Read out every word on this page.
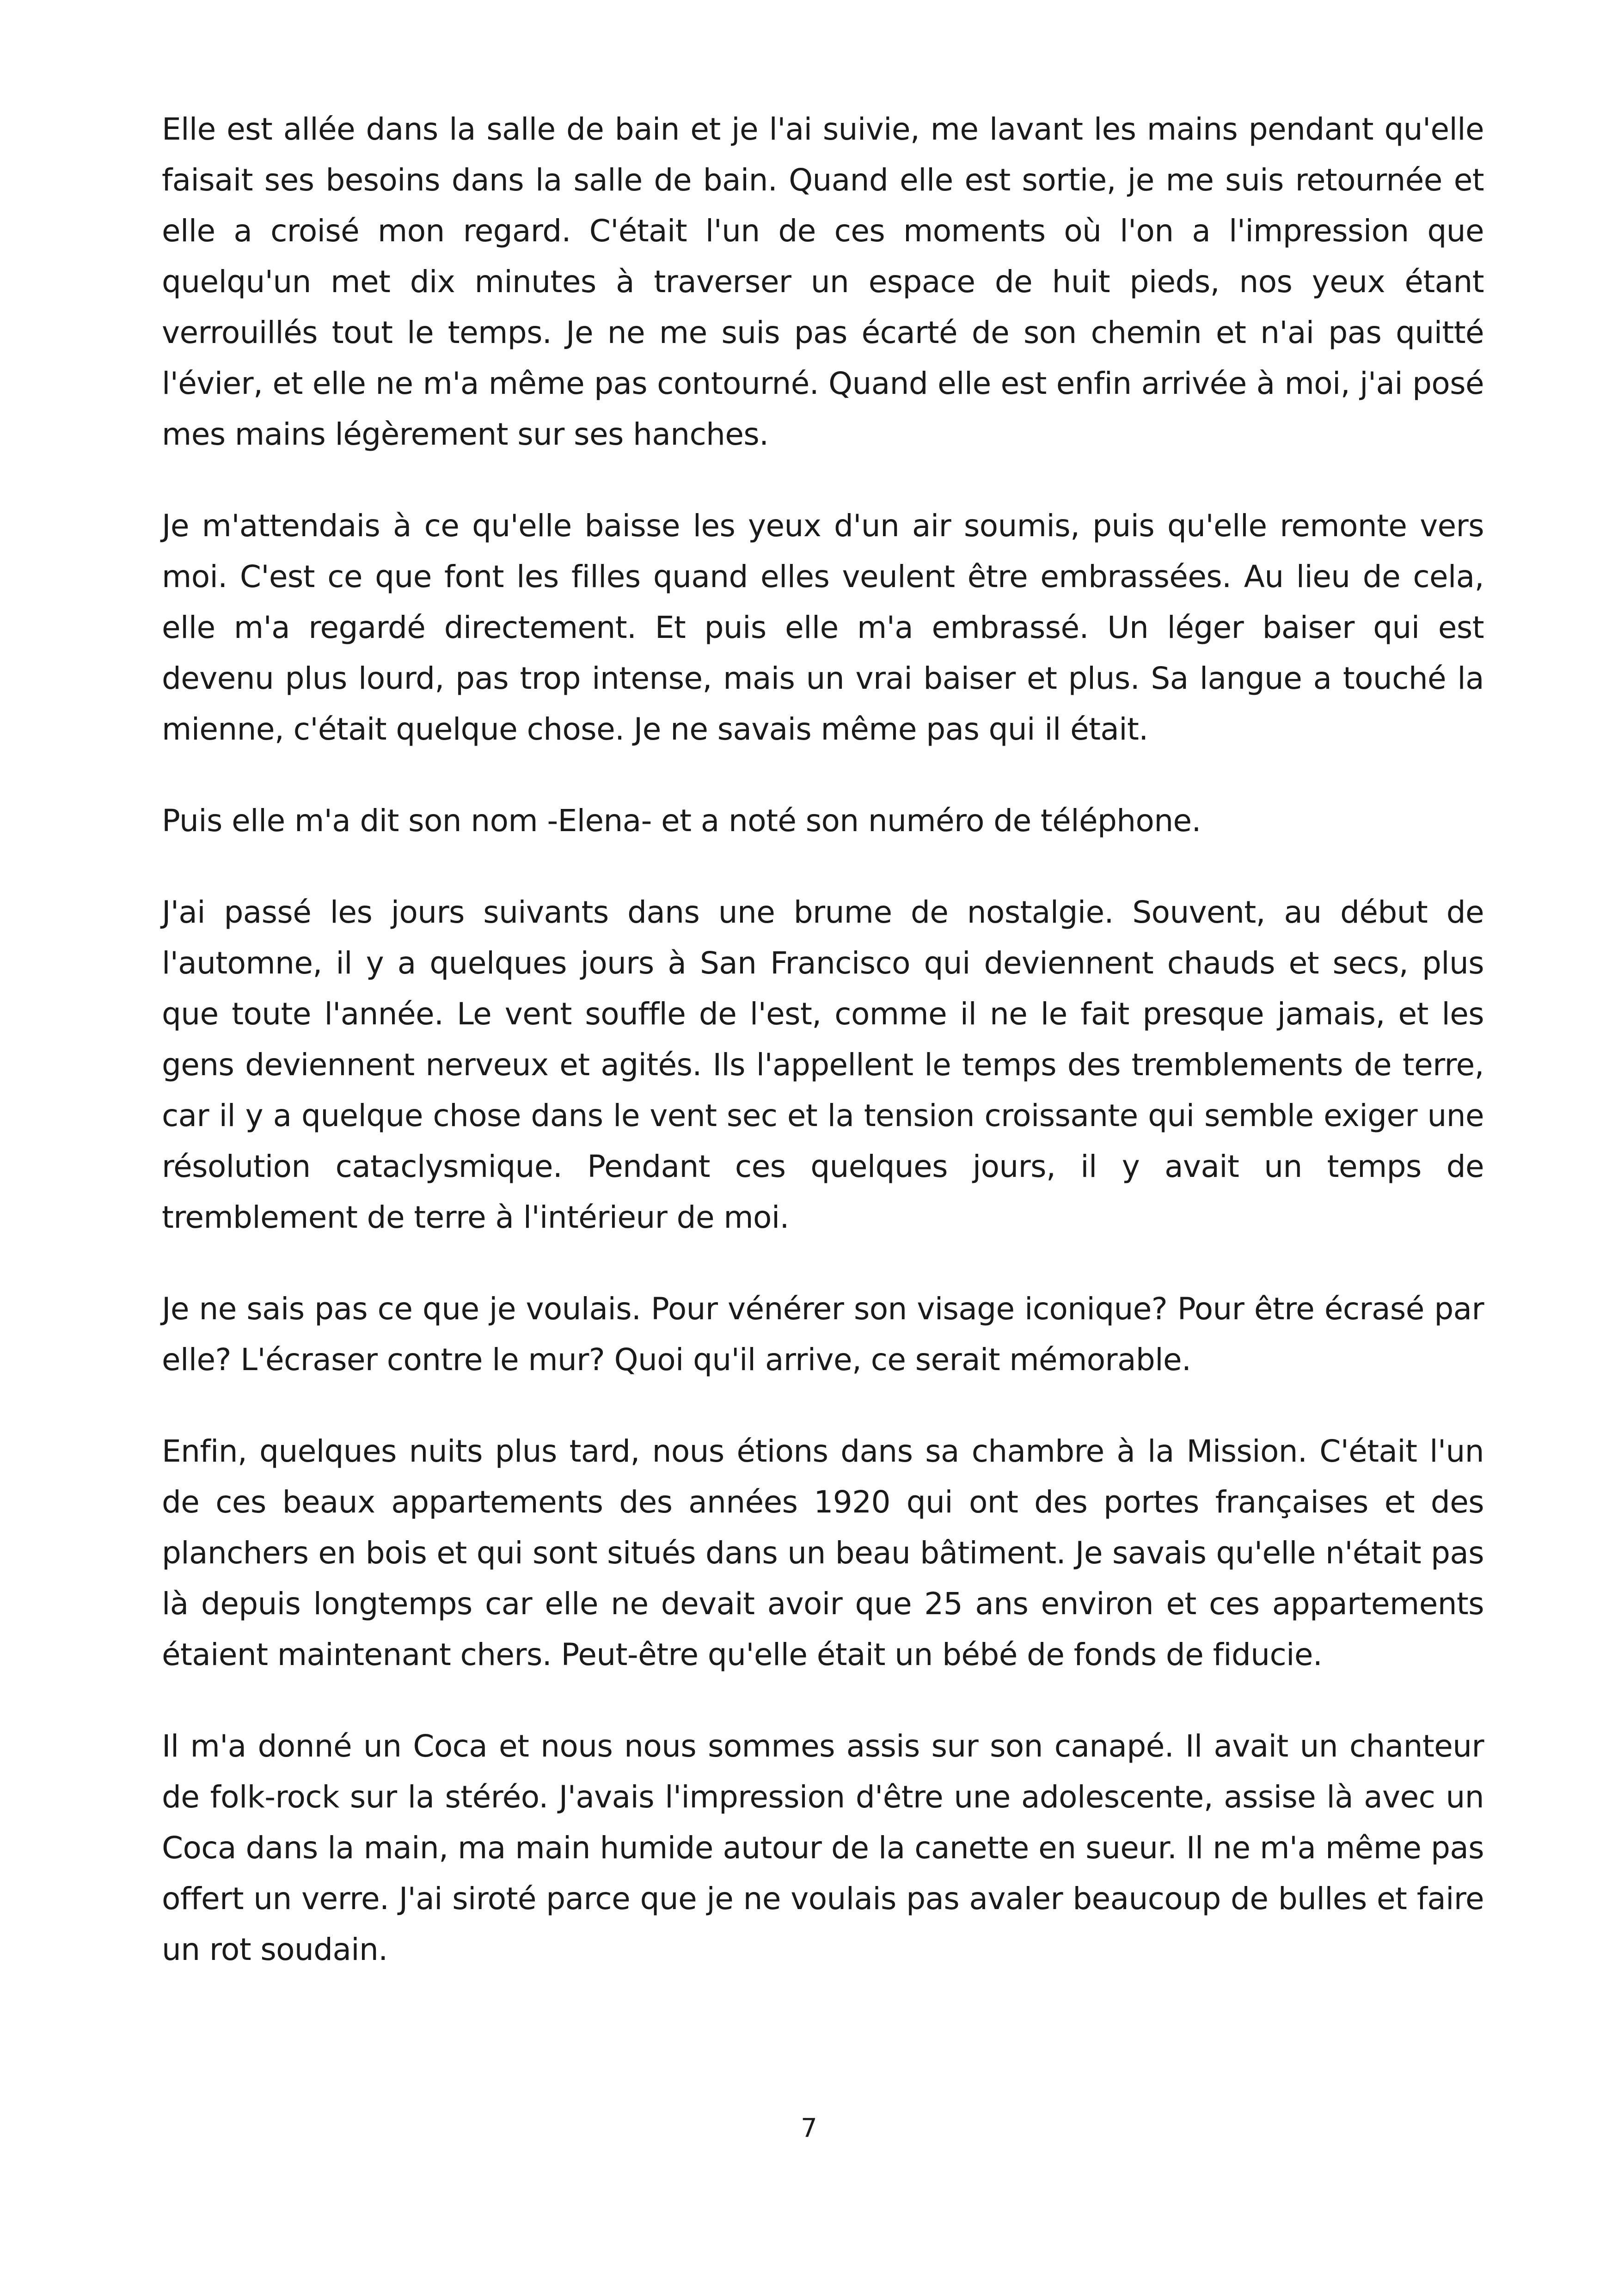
Elle est allée dans la salle de bain et je l'ai suivie, me lavant les mains pendant qu'elle faisait ses besoins dans la salle de bain. Quand elle est sortie, je me suis retournée et elle a croisé mon regard. C'était l'un de ces moments où l'on a l'impression que quelqu'un met dix minutes à traverser un espace de huit pieds, nos yeux étant verrouillés tout le temps. Je ne me suis pas écarté de son chemin et n'ai pas quitté l'évier, et elle ne m'a même pas contourné. Quand elle est enfin arrivée à moi, j'ai posé mes mains légèrement sur ses hanches.

Je m'attendais à ce qu'elle baisse les yeux d'un air soumis, puis qu'elle remonte vers moi. C'est ce que font les filles quand elles veulent être embrassées. Au lieu de cela, elle m'a regardé directement. Et puis elle m'a embrassé. Un léger baiser qui est devenu plus lourd, pas trop intense, mais un vrai baiser et plus. Sa langue a touché la mienne, c'était quelque chose. Je ne savais même pas qui il était.

Puis elle m'a dit son nom -Elena- et a noté son numéro de téléphone.

J'ai passé les jours suivants dans une brume de nostalgie. Souvent, au début de l'automne, il y a quelques jours à San Francisco qui deviennent chauds et secs, plus que toute l'année. Le vent souffle de l'est, comme il ne le fait presque jamais, et les gens deviennent nerveux et agités. Ils l'appellent le temps des tremblements de terre, car il y a quelque chose dans le vent sec et la tension croissante qui semble exiger une résolution cataclysmique. Pendant ces quelques jours, il y avait un temps de tremblement de terre à l'intérieur de moi.

Je ne sais pas ce que je voulais. Pour vénérer son visage iconique? Pour être écrasé par elle? L'écraser contre le mur? Quoi qu'il arrive, ce serait mémorable.

Enfin, quelques nuits plus tard, nous étions dans sa chambre à la Mission. C'était l'un de ces beaux appartements des années 1920 qui ont des portes françaises et des planchers en bois et qui sont situés dans un beau bâtiment. Je savais qu'elle n'était pas là depuis longtemps car elle ne devait avoir que 25 ans environ et ces appartements étaient maintenant chers. Peut-être qu'elle était un bébé de fonds de fiducie.

Il m'a donné un Coca et nous nous sommes assis sur son canapé. Il avait un chanteur de folk-rock sur la stéréo. J'avais l'impression d'être une adolescente, assise là avec un Coca dans la main, ma main humide autour de la canette en sueur. Il ne m'a même pas offert un verre. J'ai siroté parce que je ne voulais pas avaler beaucoup de bulles et faire un rot soudain.

7
